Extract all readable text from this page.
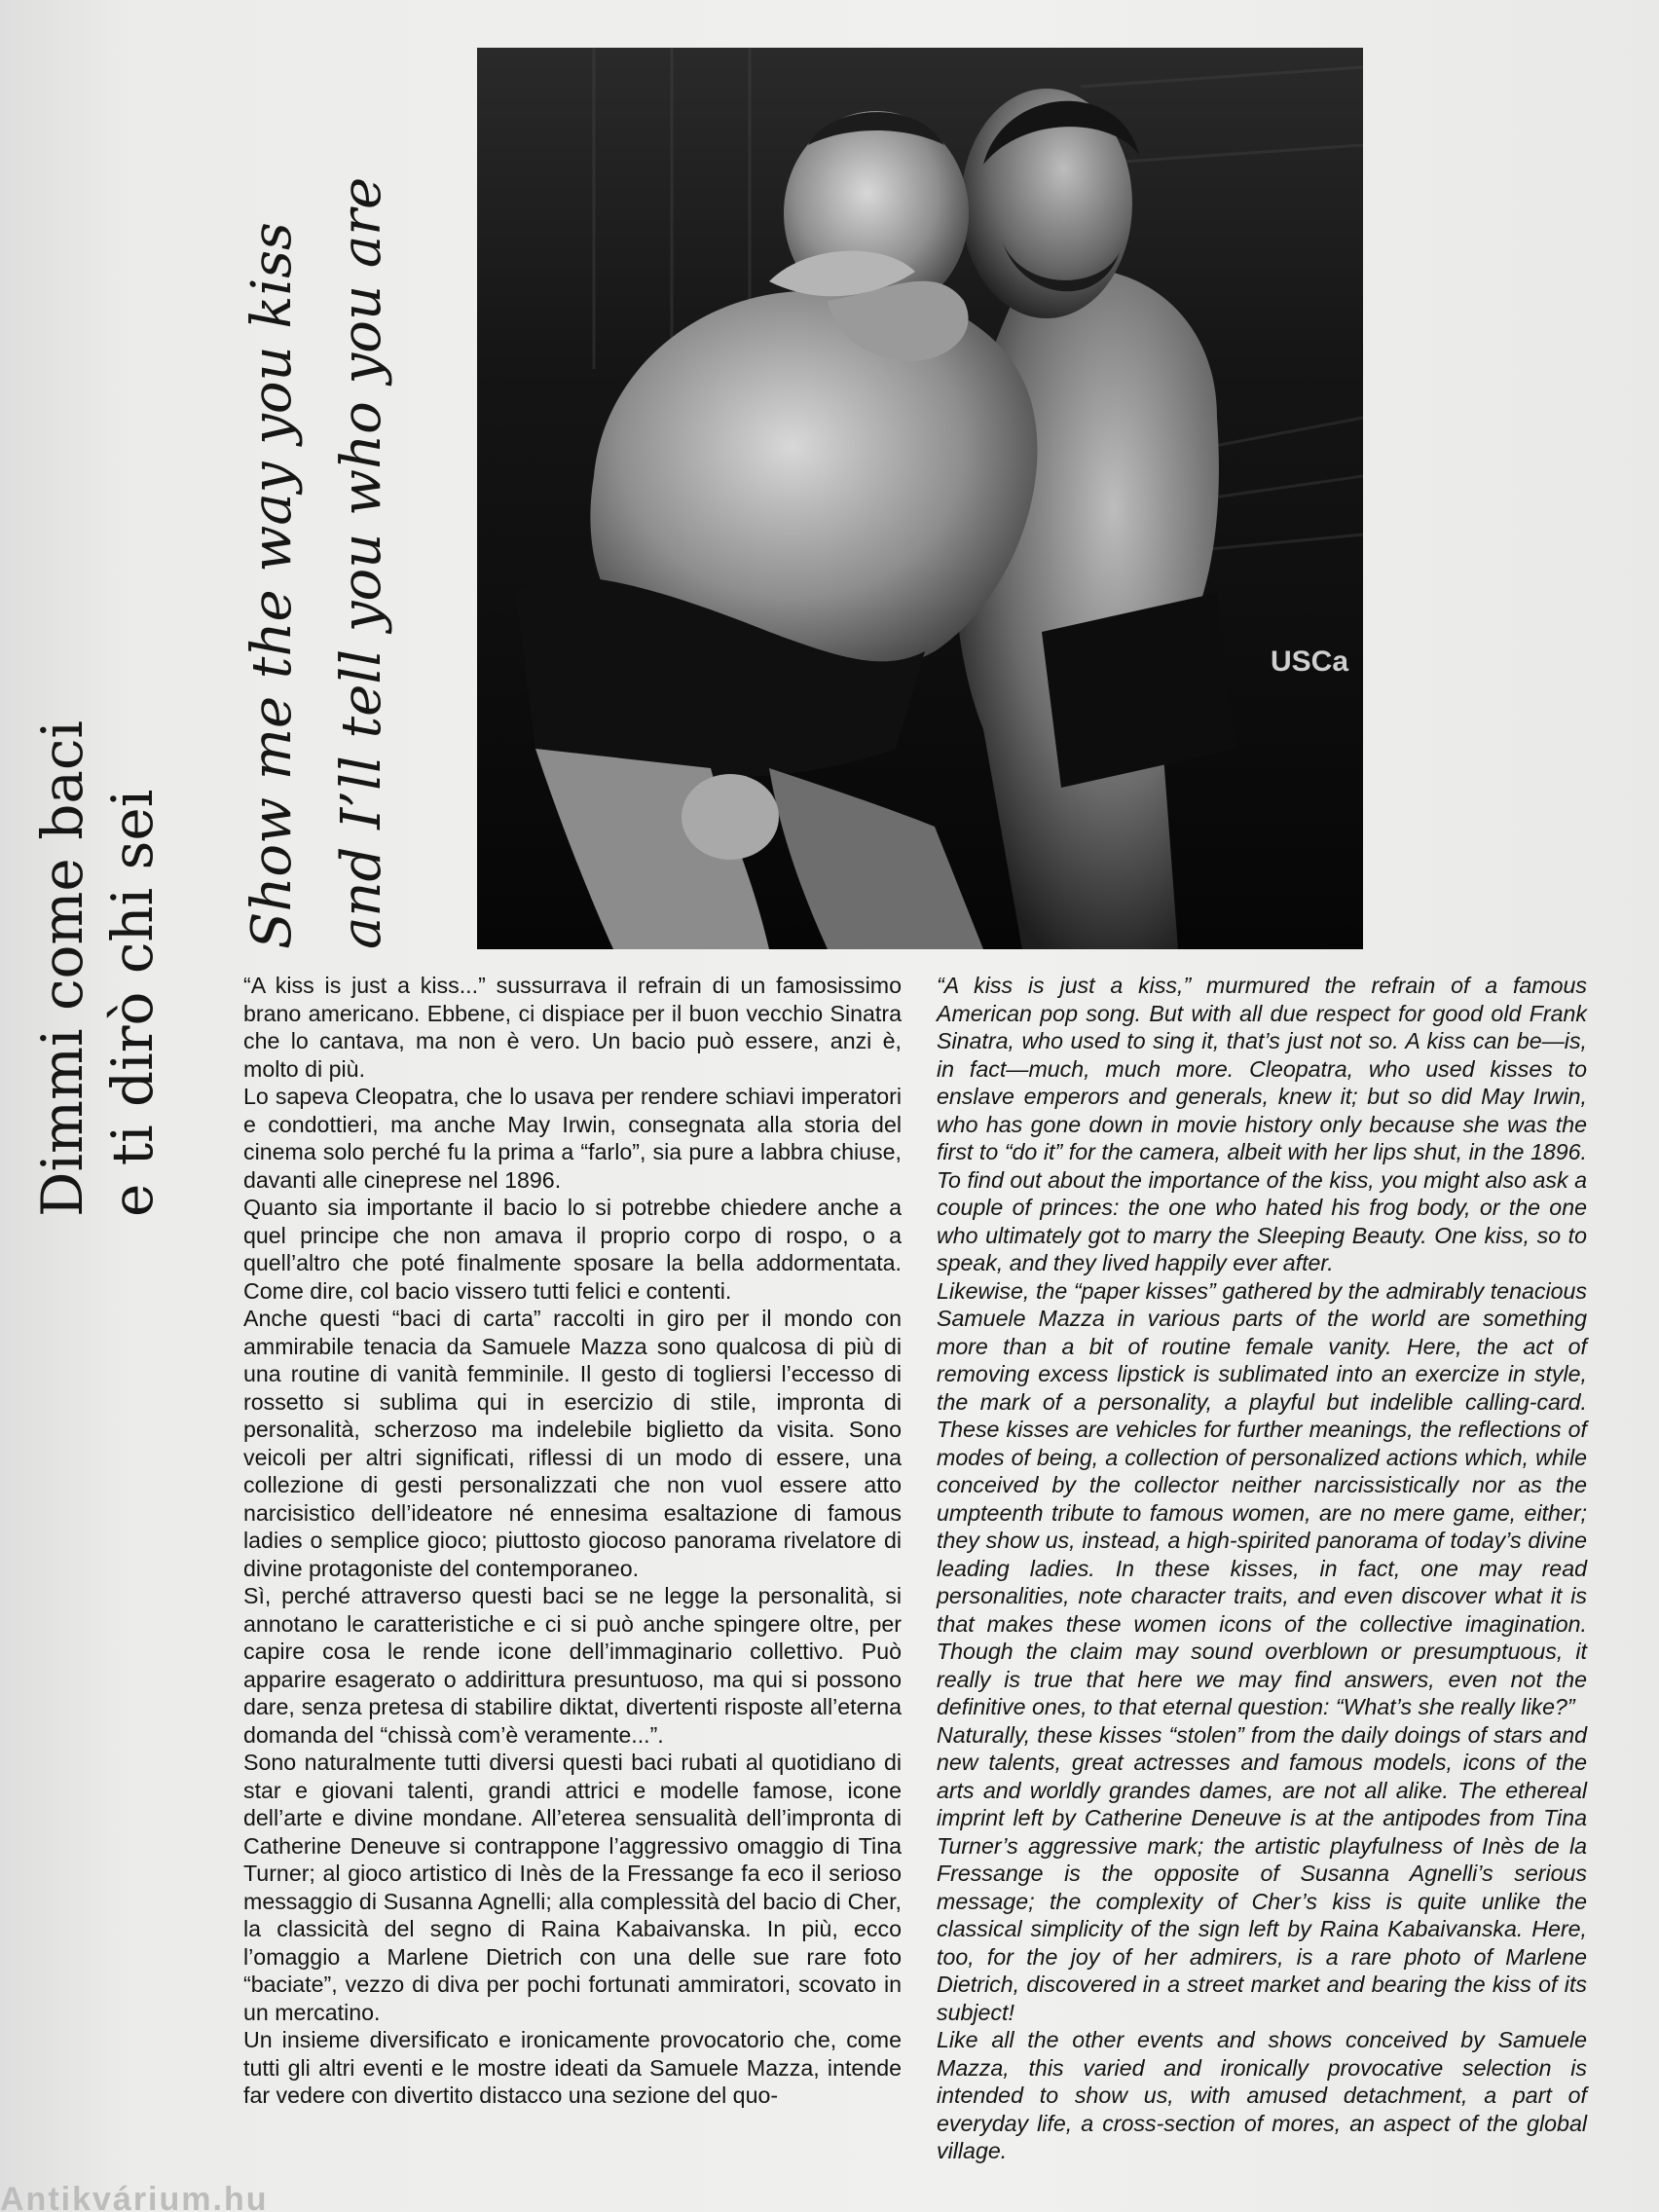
Dimmi come baci e ti dirò chi sei
Show me the way you kiss and I’ll tell you who you are	USCa

“A kiss is just a kiss...” sussurrava il refrain di un famosissimo brano americano. Ebbene, ci dispiace per il buon vecchio Sinatra che lo cantava, ma non è vero. Un bacio può essere, anzi è, molto di più.

Lo sapeva Cleopatra, che lo usava per rendere schiavi imperatori e condottieri, ma anche May Irwin, consegnata alla storia del cinema solo perché fu la prima a “farlo”, sia pure a labbra chiuse, davanti alle cineprese nel 1896.

Quanto sia importante il bacio lo si potrebbe chiedere anche a quel principe che non amava il proprio corpo di rospo, o a quell’altro che poté finalmente sposare la bella addormentata. Come dire, col bacio vissero tutti felici e contenti.

Anche questi “baci di carta” raccolti in giro per il mondo con ammirabile tenacia da Samuele Mazza sono qualcosa di più di una routine di vanità femminile. Il gesto di togliersi l’eccesso di rossetto si sublima qui in esercizio di stile, impronta di personalità, scherzoso ma indelebile biglietto da visita. Sono veicoli per altri significati, riflessi di un modo di essere, una collezione di gesti personalizzati che non vuol essere atto narcisistico dell’ideatore né ennesima esaltazione di famous ladies o semplice gioco; piuttosto giocoso panorama rivelatore di divine protagoniste del contemporaneo.

Sì, perché attraverso questi baci se ne legge la personalità, si annotano le caratteristiche e ci si può anche spingere oltre, per capire cosa le rende icone dell’immaginario collettivo. Può apparire esagerato o addirittura presuntuoso, ma qui si possono dare, senza pretesa di stabilire diktat, divertenti risposte all’eterna domanda del “chissà com’è veramente...”.

Sono naturalmente tutti diversi questi baci rubati al quotidiano di star e giovani talenti, grandi attrici e modelle famose, icone dell’arte e divine mondane. All’eterea sensualità dell’impronta di Catherine Deneuve si contrappone l’aggressivo omaggio di Tina Turner; al gioco artistico di Inès de la Fressange fa eco il serioso messaggio di Susanna Agnelli; alla complessità del bacio di Cher, la classicità del segno di Raina Kabaivanska. In più, ecco l’omaggio a Marlene Dietrich con una delle sue rare foto “baciate”, vezzo di diva per pochi fortunati ammiratori, scovato in un mercatino.

Un insieme diversificato e ironicamente provocatorio che, come tutti gli altri eventi e le mostre ideati da Samuele Mazza, intende far vedere con divertito distacco una sezione del quo-

“A kiss is just a kiss,” murmured the refrain of a famous American pop song. But with all due respect for good old Frank Sinatra, who used to sing it, that’s just not so. A kiss can be—is, in fact—much, much more. Cleopatra, who used kisses to enslave emperors and generals, knew it; but so did May Irwin, who has gone down in movie history only because she was the first to “do it” for the camera, albeit with her lips shut, in the 1896. To find out about the importance of the kiss, you might also ask a couple of princes: the one who hated his frog body, or the one who ultimately got to marry the Sleeping Beauty. One kiss, so to speak, and they lived happily ever after.

Likewise, the “paper kisses” gathered by the admirably tenacious Samuele Mazza in various parts of the world are something more than a bit of routine female vanity. Here, the act of removing excess lipstick is sublimated into an exercize in style, the mark of a personality, a playful but indelible calling-card. These kisses are vehicles for further meanings, the reflections of modes of being, a collection of personalized actions which, while conceived by the collector neither narcissistically nor as the umpteenth tribute to famous women, are no mere game, either; they show us, instead, a high-spirited panorama of today’s divine leading ladies. In these kisses, in fact, one may read personalities, note character traits, and even discover what it is that makes these women icons of the collective imagination. Though the claim may sound overblown or presumptuous, it really is true that here we may find answers, even not the definitive ones, to that eternal question: “What’s she really like?”

Naturally, these kisses “stolen” from the daily doings of stars and new talents, great actresses and famous models, icons of the arts and worldly grandes dames, are not all alike. The ethereal imprint left by Catherine Deneuve is at the antipodes from Tina Turner’s aggressive mark; the artistic playfulness of Inès de la Fressange is the opposite of Susanna Agnelli’s serious message; the complexity of Cher’s kiss is quite unlike the classical simplicity of the sign left by Raina Kabaivanska. Here, too, for the joy of her admirers, is a rare photo of Marlene Dietrich, discovered in a street market and bearing the kiss of its subject!

Like all the other events and shows conceived by Samuele Mazza, this varied and ironically provocative selection is intended to show us, with amused detachment, a part of everyday life, a cross-section of mores, an aspect of the global village.

Antikvárium.hu
